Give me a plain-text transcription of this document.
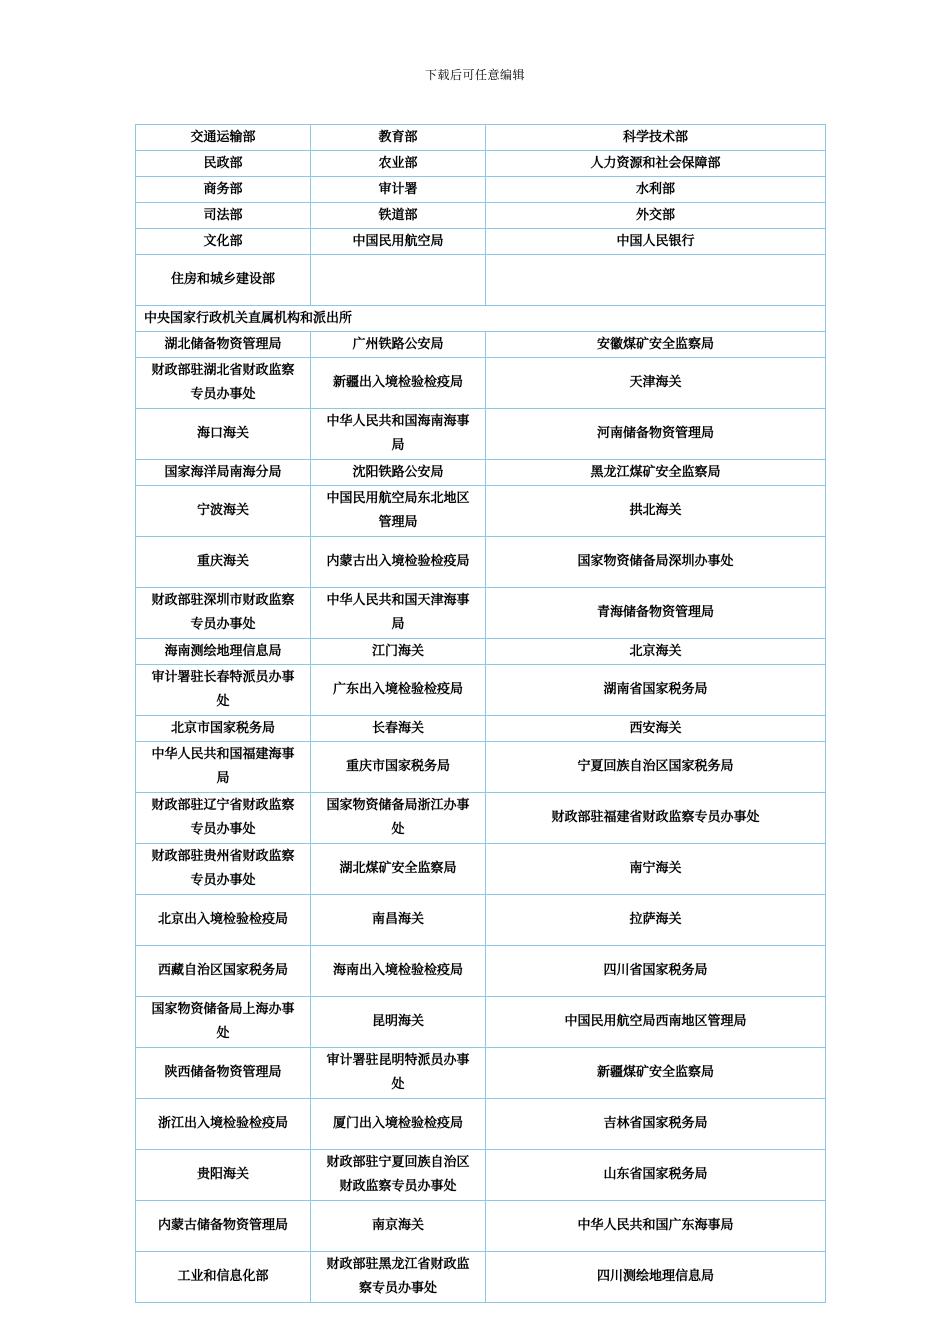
下载后可任意编辑
交通运输部	教育部	科学技术部
民政部	农业部	人力资源和社会保障部
商务部	审计署	水利部
司法部	铁道部	外交部
文化部	中国民用航空局	中国人民银行
住房和城乡建设部		
中央国家行政机关直属机构和派出所		
湖北储备物资管理局	广州铁路公安局	安徽煤矿安全监察局
财政部驻湖北省财政监察专员办事处	新疆出入境检验检疫局	天津海关
海口海关	中华人民共和国海南海事局	河南储备物资管理局
国家海洋局南海分局	沈阳铁路公安局	黑龙江煤矿安全监察局
宁波海关	中国民用航空局东北地区管理局	拱北海关
重庆海关	内蒙古出入境检验检疫局	国家物资储备局深圳办事处
财政部驻深圳市财政监察专员办事处	中华人民共和国天津海事局	青海储备物资管理局
海南测绘地理信息局	江门海关	北京海关
审计署驻长春特派员办事处	广东出入境检验检疫局	湖南省国家税务局
北京市国家税务局	长春海关	西安海关
中华人民共和国福建海事局	重庆市国家税务局	宁夏回族自治区国家税务局
财政部驻辽宁省财政监察专员办事处	国家物资储备局浙江办事处	财政部驻福建省财政监察专员办事处
财政部驻贵州省财政监察专员办事处	湖北煤矿安全监察局	南宁海关
北京出入境检验检疫局	南昌海关	拉萨海关
西藏自治区国家税务局	海南出入境检验检疫局	四川省国家税务局
国家物资储备局上海办事处	昆明海关	中国民用航空局西南地区管理局
陕西储备物资管理局	审计署驻昆明特派员办事处	新疆煤矿安全监察局
浙江出入境检验检疫局	厦门出入境检验检疫局	吉林省国家税务局
贵阳海关	财政部驻宁夏回族自治区财政监察专员办事处	山东省国家税务局
内蒙古储备物资管理局	南京海关	中华人民共和国广东海事局
工业和信息化部	财政部驻黑龙江省财政监察专员办事处	四川测绘地理信息局
